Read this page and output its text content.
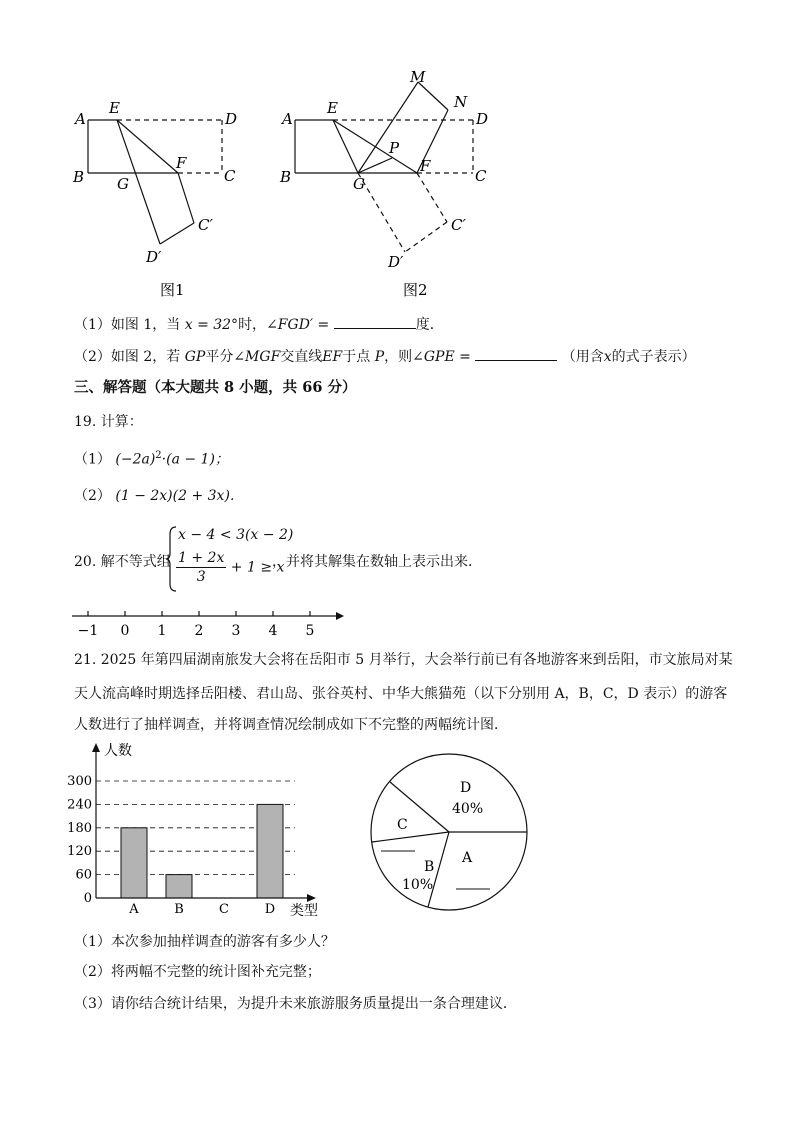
A
E
D
B G
F
C
C′
D′
图1
A
E
D
B	G
F
C
M
N
P
C′
D′
图2
（1）如图 1，当 x = 32°时，∠FGD′ =	度．
（2）如图 2，若 GP平分∠MGF交直线EF于点 P，则∠GPE =	（用含x的式子表示）
三、解答题（本大题共 8 小题，共 66 分）
19. 计算：
（1） $(-2a)^2\cdot(a - 1)$；
（2） (1 − 2x)(2 + 3x)．
20. 解不等式组
x − 4 < 3(x − 2)
$\frac{1 + 2x}{3} + 1 \ge x$
，并将其解集在数轴上表示出来．
−1 0 1 2 3 4 5
21. 2025 年第四届湖南旅发大会将在岳阳市 5 月举行，大会举行前已有各地游客来到岳阳，市文旅局对某
天人流高峰时期选择岳阳楼、君山岛、张谷英村、中华大熊猫苑（以下分别用 A，B，C，D 表示）的游客
人数进行了抽样调查，并将调查情况绘制成如下不完整的两幅统计图．
人数
类型
0
60
120
180
240
300
A	B	C	D
D
40%
A
B
10%
C
（1）本次参加抽样调查的游客有多少人？
（2）将两幅不完整的统计图补充完整；
（3）请你结合统计结果，为提升未来旅游服务质量提出一条合理建议．
